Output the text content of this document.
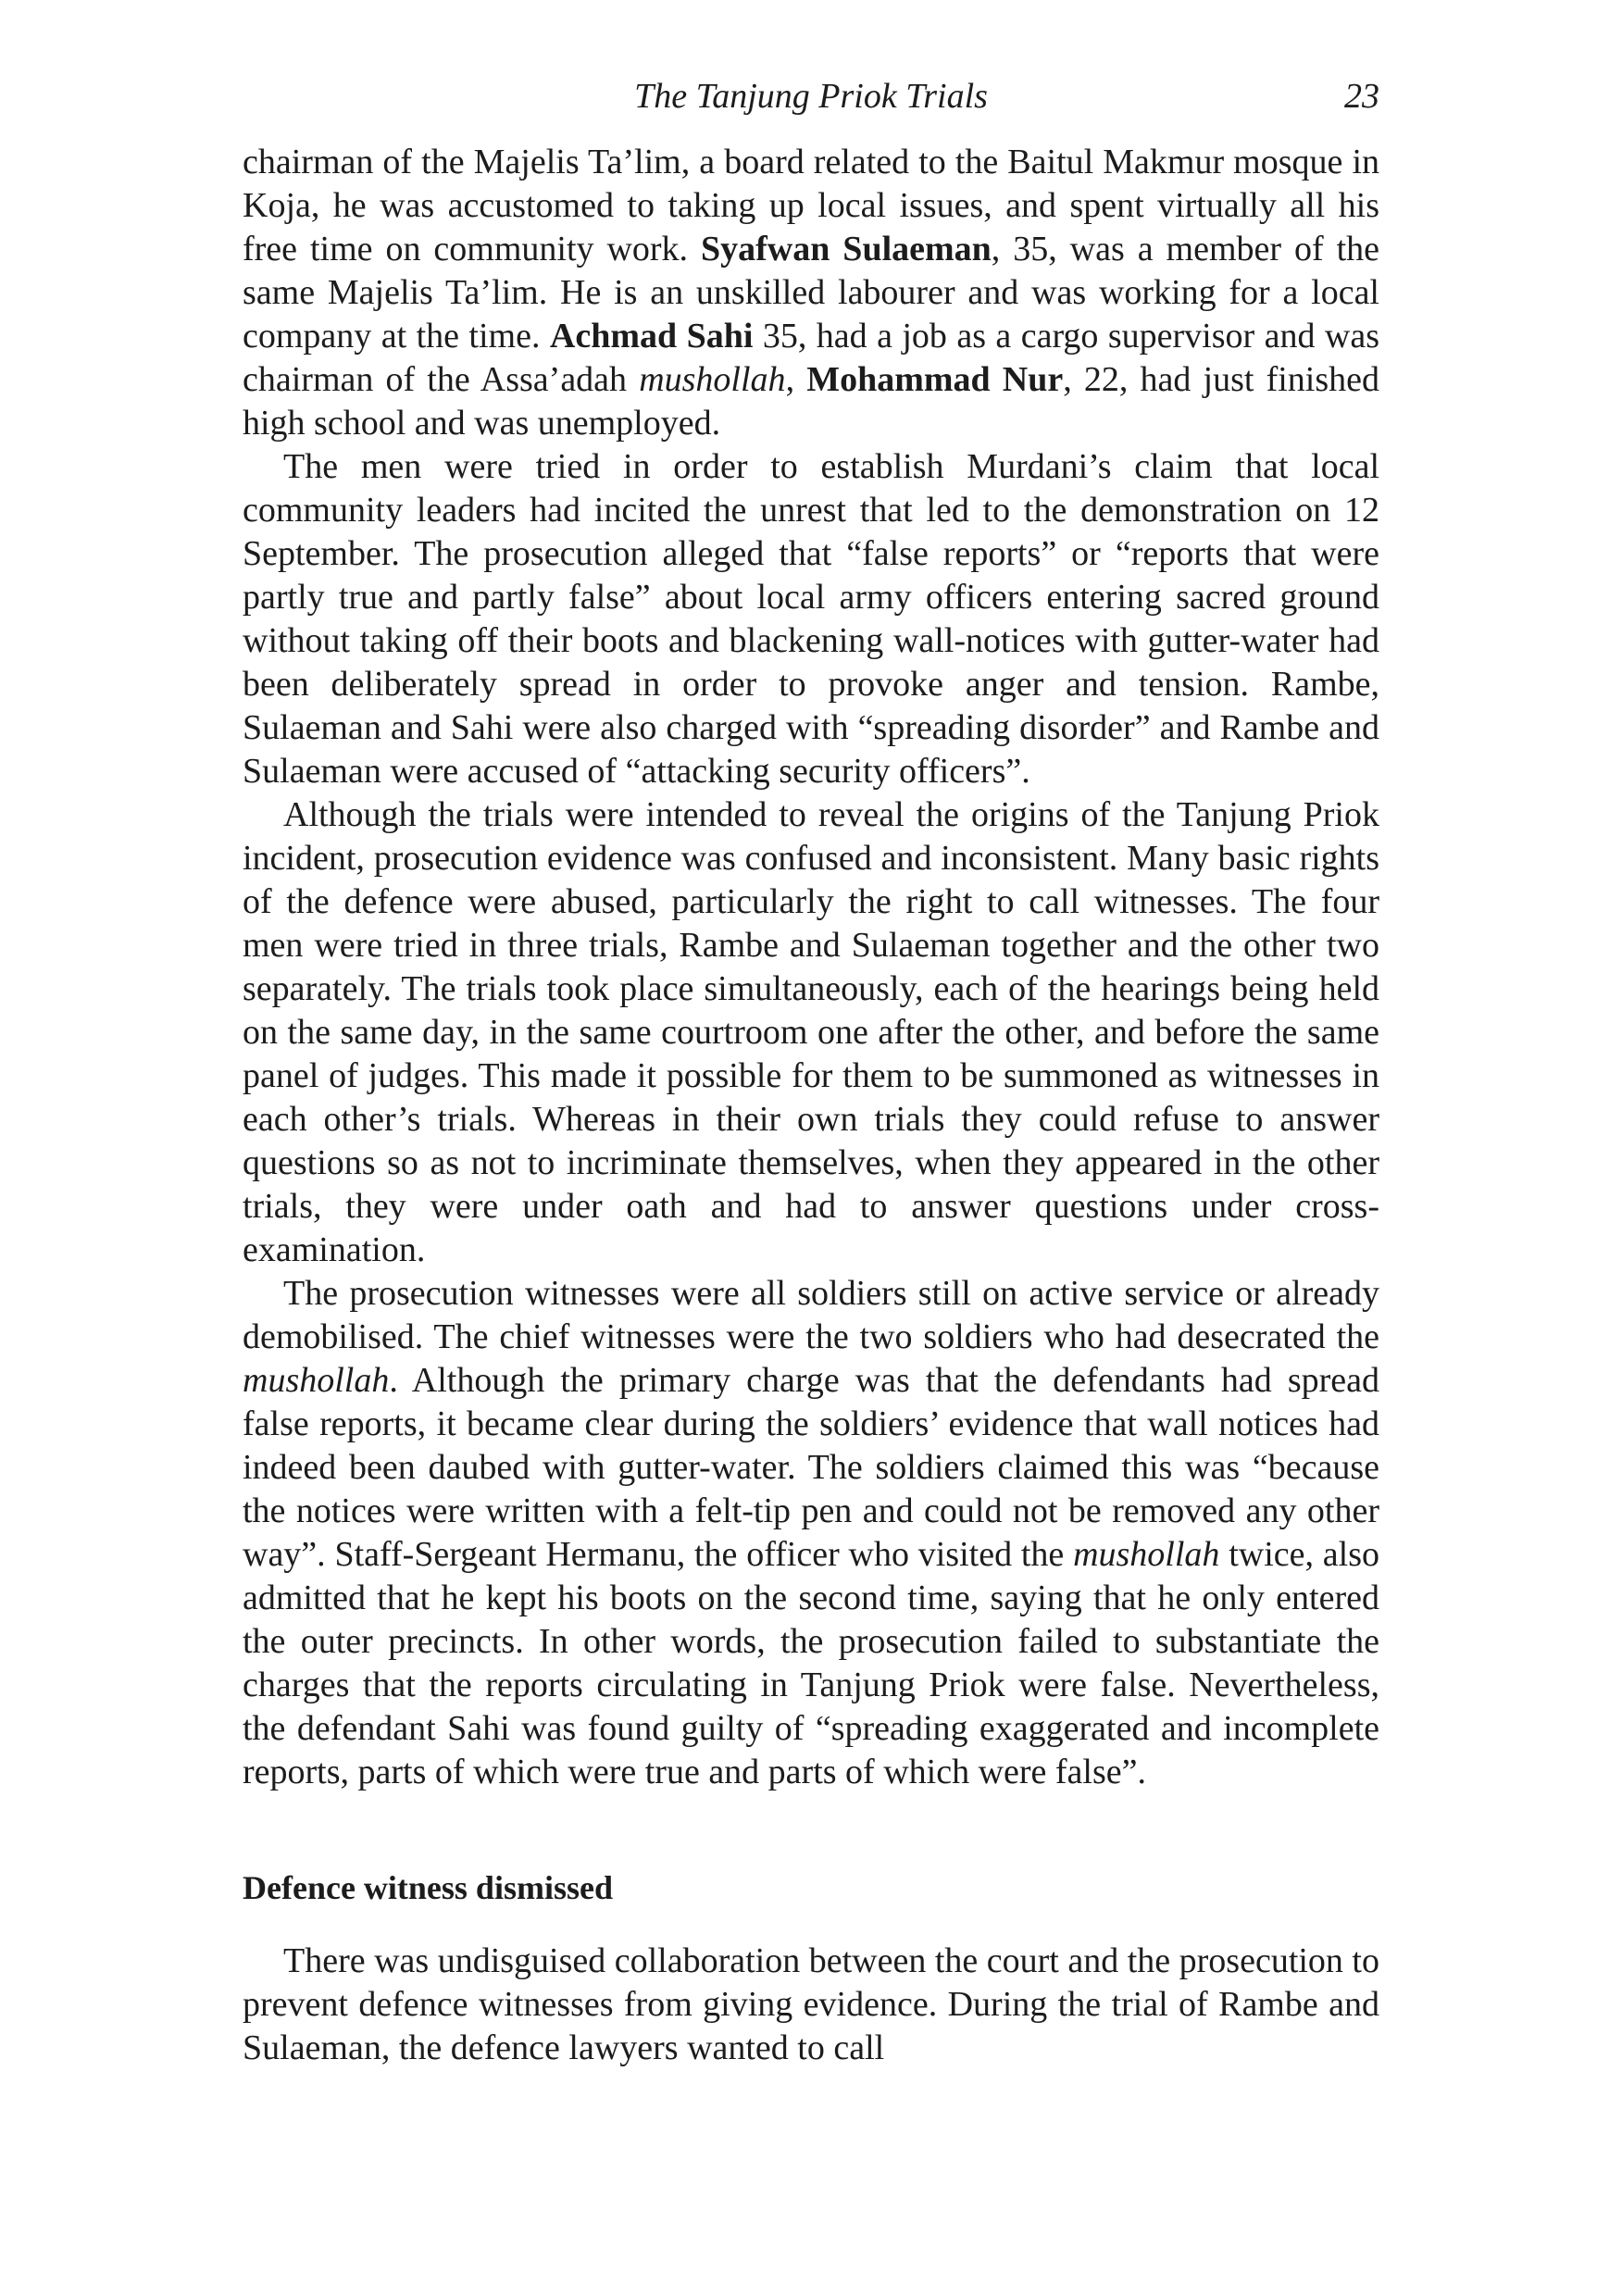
The Tanjung Priok Trials	23

chairman of the Majelis Ta’lim, a board related to the Baitul Makmur mosque in Koja, he was accustomed to taking up local issues, and spent virtually all his free time on community work. Syafwan Sulaeman, 35, was a member of the same Majelis Ta’lim. He is an unskilled labourer and was working for a local company at the time. Achmad Sahi 35, had a job as a cargo supervisor and was chairman of the Assa’adah mushollah, Mohammad Nur, 22, had just finished high school and was unemployed.

The men were tried in order to establish Murdani’s claim that local community leaders had incited the unrest that led to the demonstration on 12 September. The prosecution alleged that “false reports” or “reports that were partly true and partly false” about local army officers entering sacred ground without taking off their boots and blackening wall-notices with gutter-water had been deliberately spread in order to provoke anger and tension. Rambe, Sulaeman and Sahi were also charged with “spreading disorder” and Rambe and Sulaeman were accused of “attacking security officers”.

Although the trials were intended to reveal the origins of the Tanjung Priok incident, prosecution evidence was confused and inconsistent. Many basic rights of the defence were abused, particularly the right to call witnesses. The four men were tried in three trials, Rambe and Sulaeman together and the other two separately. The trials took place simultaneously, each of the hearings being held on the same day, in the same courtroom one after the other, and before the same panel of judges. This made it possible for them to be summoned as witnesses in each other’s trials. Whereas in their own trials they could refuse to answer questions so as not to incriminate themselves, when they appeared in the other trials, they were under oath and had to answer questions under cross-examination.

The prosecution witnesses were all soldiers still on active service or already demobilised. The chief witnesses were the two soldiers who had desecrated the mushollah. Although the primary charge was that the defendants had spread false reports, it became clear during the soldiers’ evidence that wall notices had indeed been daubed with gutter-water. The soldiers claimed this was “because the notices were written with a felt-tip pen and could not be removed any other way”. Staff-Sergeant Hermanu, the officer who visited the mushollah twice, also admitted that he kept his boots on the second time, saying that he only entered the outer precincts. In other words, the prosecution failed to substantiate the charges that the reports circulating in Tanjung Priok were false. Nevertheless, the defendant Sahi was found guilty of “spreading exaggerated and incomplete reports, parts of which were true and parts of which were false”.

Defence witness dismissed

There was undisguised collaboration between the court and the prosecution to prevent defence witnesses from giving evidence. During the trial of Rambe and Sulaeman, the defence lawyers wanted to call
